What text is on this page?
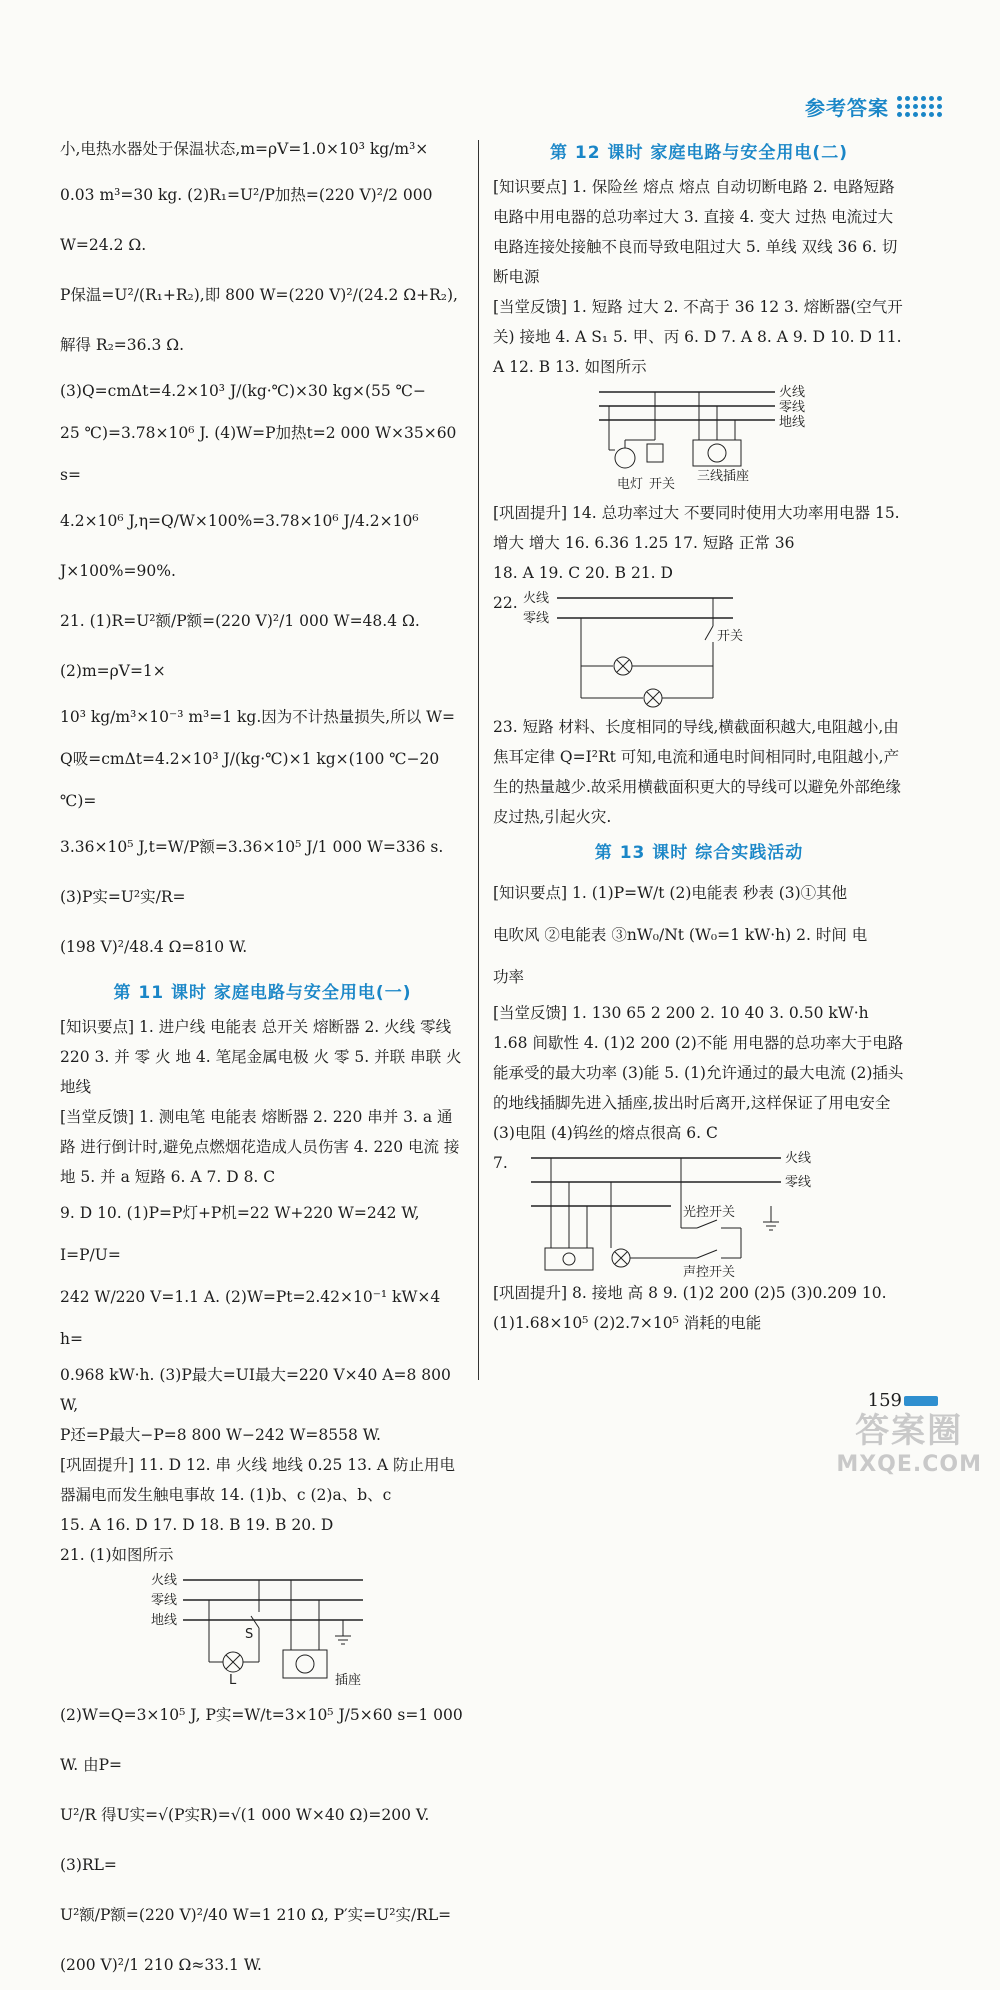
参考答案

小,电热水器处于保温状态,m=ρV=1.0×10³ kg/m³×

0.03 m³=30 kg. (2)R₁=U²/P加热=(220 V)²/2 000 W=24.2 Ω.

P保温=U²/(R₁+R₂),即 800 W=(220 V)²/(24.2 Ω+R₂),解得 R₂=36.3 Ω.

(3)Q=cmΔt=4.2×10³ J/(kg·℃)×30 kg×(55 ℃−

25 ℃)=3.78×10⁶ J. (4)W=P加热t=2 000 W×35×60 s=

4.2×10⁶ J,η=Q/W×100%=3.78×10⁶ J/4.2×10⁶ J×100%=90%.

21. (1)R=U²额/P额=(220 V)²/1 000 W=48.4 Ω. (2)m=ρV=1×

10³ kg/m³×10⁻³ m³=1 kg.因为不计热量损失,所以 W=

Q吸=cmΔt=4.2×10³ J/(kg·℃)×1 kg×(100 ℃−20 ℃)=

3.36×10⁵ J,t=W/P额=3.36×10⁵ J/1 000 W=336 s. (3)P实=U²实/R=

(198 V)²/48.4 Ω=810 W.

第 11 课时 家庭电路与安全用电(一)

[知识要点] 1. 进户线 电能表 总开关 熔断器 2. 火线 零线 220 3. 并 零 火 地 4. 笔尾金属电极 火 零 5. 并联 串联 火 地线

[当堂反馈] 1. 测电笔 电能表 熔断器 2. 220 串并 3. a 通路 进行倒计时,避免点燃烟花造成人员伤害 4. 220 电流 接地 5. 并 a 短路 6. A 7. D 8. C

9. D 10. (1)P=P灯+P机=22 W+220 W=242 W, I=P/U=

242 W/220 V=1.1 A. (2)W=Pt=2.42×10⁻¹ kW×4 h=

0.968 kW·h. (3)P最大=UI最大=220 V×40 A=8 800 W,

P还=P最大−P=8 800 W−242 W=8558 W.

[巩固提升] 11. D 12. 串 火线 地线 0.25 13. A 防止用电器漏电而发生触电事故 14. (1)b、c (2)a、b、c

15. A 16. D 17. D 18. B 19. B 20. D

21. (1)如图所示

火线
零线
地线
S
L	插座

(2)W=Q=3×10⁵ J, P实=W/t=3×10⁵ J/5×60 s=1 000 W. 由P=

U²/R 得U实=√(P实R)=√(1 000 W×40 Ω)=200 V. (3)RL=

U²额/P额=(220 V)²/40 W=1 210 Ω, P′实=U²实/RL=(200 V)²/1 210 Ω≈33.1 W.

第 12 课时 家庭电路与安全用电(二)

[知识要点] 1. 保险丝 熔点 熔点 自动切断电路 2. 电路短路 电路中用电器的总功率过大 3. 直接 4. 变大 过热 电流过大 电路连接处接触不良而导致电阻过大 5. 单线 双线 36 6. 切断电源

[当堂反馈] 1. 短路 过大 2. 不高于 36 12 3. 熔断器(空气开关) 接地 4. A S₁ 5. 甲、丙 6. D 7. A 8. A 9. D 10. D 11. A 12. B 13. 如图所示

火线
零线
地线
电灯 开关
三线插座

[巩固提升] 14. 总功率过大 不要同时使用大功率用电器 15. 增大 增大 16. 6.36 1.25 17. 短路 正常 36

18. A 19. C 20. B 21. D

22. 火线
零线
开关

23. 短路 材料、长度相同的导线,横截面积越大,电阻越小,由焦耳定律 Q=I²Rt 可知,电流和通电时间相同时,电阻越小,产生的热量越少.故采用横截面积更大的导线可以避免外部绝缘皮过热,引起火灾.

第 13 课时 综合实践活动

[知识要点] 1. (1)P=W/t (2)电能表 秒表 (3)①其他

电吹风 ②电能表 ③nW₀/Nt (W₀=1 kW·h) 2. 时间 电

功率

[当堂反馈] 1. 130 65 2 200 2. 10 40 3. 0.50 kW·h 1.68 间歇性 4. (1)2 200 (2)不能 用电器的总功率大于电路能承受的最大功率 (3)能 5. (1)允许通过的最大电流 (2)插头的地线插脚先进入插座,拔出时后离开,这样保证了用电安全 (3)电阻 (4)钨丝的熔点很高 6. C

7.	火线
零线
光控开关
声控开关

[巩固提升] 8. 接地 高 8 9. (1)2 200 (2)5 (3)0.209 10. (1)1.68×10⁵ (2)2.7×10⁵ 消耗的电能

159
答案圈
MXQE.COM
